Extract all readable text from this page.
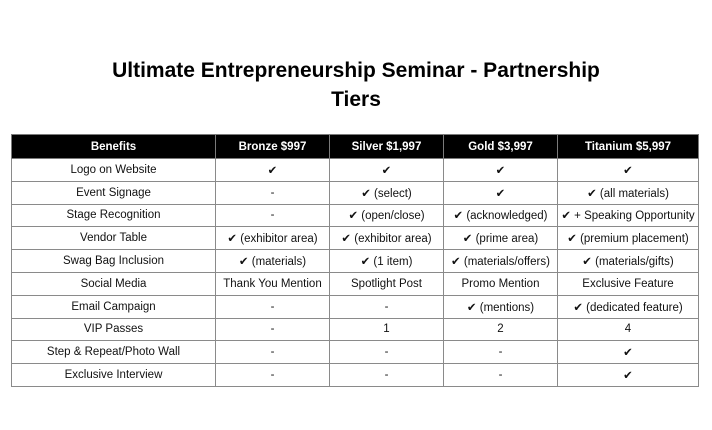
Ultimate Entrepreneurship Seminar - Partnership
Tiers
Benefits	Bronze $997	Silver $1,997	Gold $3,997	Titanium $5,997
Logo on Website	✔	✔	✔	✔
Event Signage	-	✔ (select)	✔	✔ (all materials)
Stage Recognition	-	✔ (open/close)	✔ (acknowledged)	✔ + Speaking Opportunity
Vendor Table	✔ (exhibitor area)	✔ (exhibitor area)	✔ (prime area)	✔ (premium placement)
Swag Bag Inclusion	✔ (materials)	✔ (1 item)	✔ (materials/offers)	✔ (materials/gifts)
Social Media	Thank You Mention	Spotlight Post	Promo Mention	Exclusive Feature
Email Campaign	-	-	✔ (mentions)	✔ (dedicated feature)
VIP Passes	-	1	2	4
Step & Repeat/Photo Wall	-	-	-	✔
Exclusive Interview	-	-	-	✔
